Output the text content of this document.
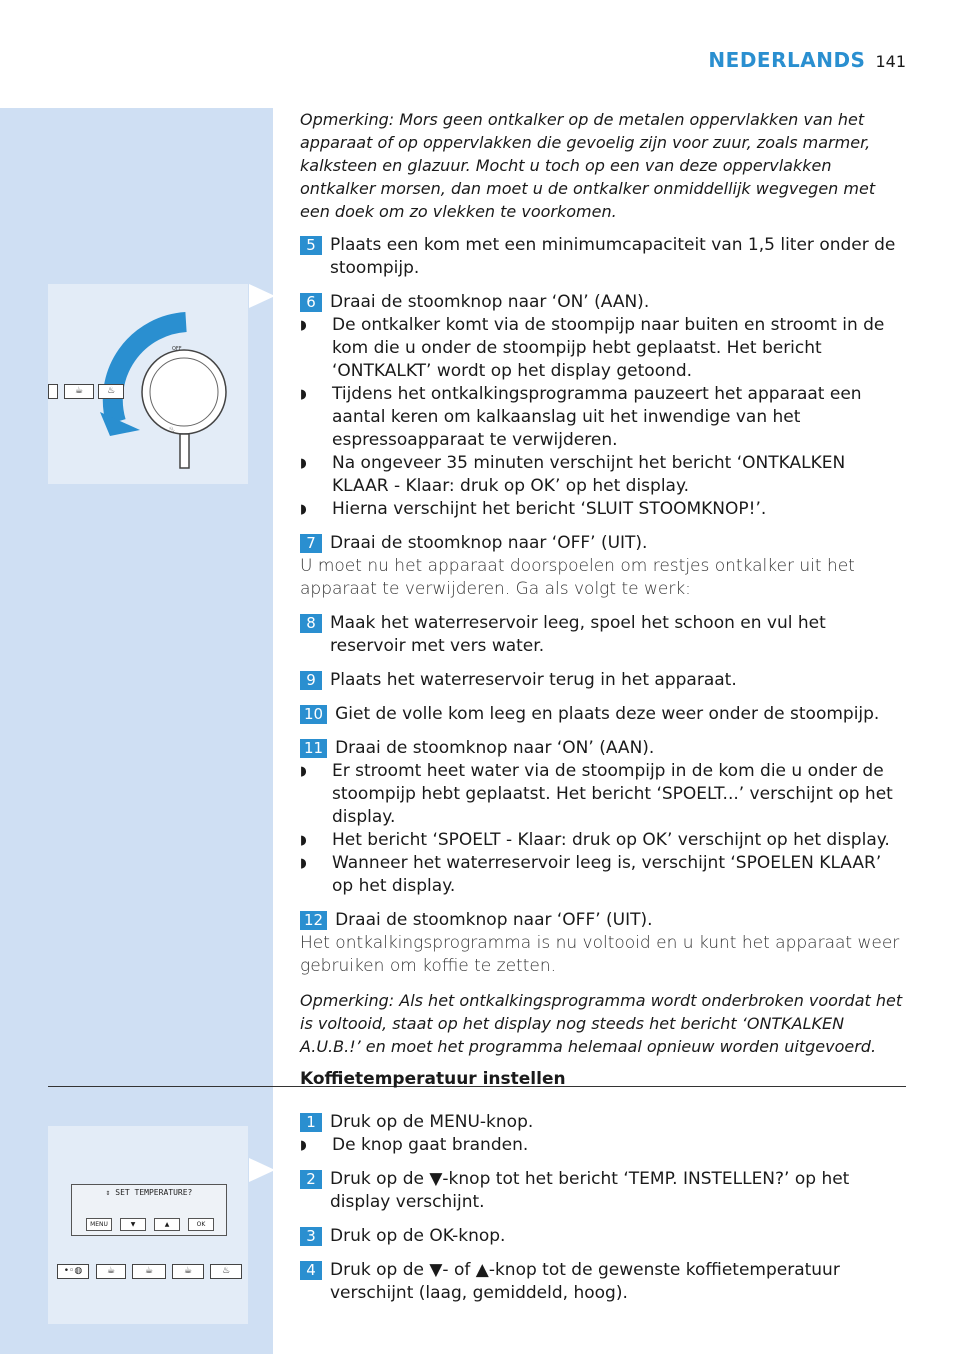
NEDERLANDS 141
OFF
♨
☕	♨
⇕ SET TEMPERATURE?
MENU	▼	▲	OK
•◦◍	☕	☕	☕	♨

Opmerking: Mors geen ontkalker op de metalen oppervlakken van het apparaat of op oppervlakken die gevoelig zijn voor zuur, zoals marmer, kalksteen en glazuur. Mocht u toch op een van deze oppervlakken ontkalker morsen, dan moet u de ontkalker onmiddellijk wegvegen met een doek om zo vlekken te voorkomen.

5 Plaats een kom met een minimumcapaciteit van 1,5 liter onder de stoompijp.
6 Draai de stoomknop naar ‘ON’ (AAN).
◗	De ontkalker komt via de stoompijp naar buiten en stroomt in de kom die u onder de stoompijp hebt geplaatst. Het bericht ‘ONTKALKT’ wordt op het display getoond.
◗	Tijdens het ontkalkingsprogramma pauzeert het apparaat een aantal keren om kalkaanslag uit het inwendige van het espressoapparaat te verwijderen.
◗	Na ongeveer 35 minuten verschijnt het bericht ‘ONTKALKEN KLAAR - Klaar: druk op OK’ op het display.
◗	Hierna verschijnt het bericht ‘SLUIT STOOMKNOP!’.
7 Draai de stoomknop naar ‘OFF’ (UIT).
U moet nu het apparaat doorspoelen om restjes ontkalker uit het apparaat te verwijderen. Ga als volgt te werk:
8 Maak het waterreservoir leeg, spoel het schoon en vul het reservoir met vers water.
9 Plaats het waterreservoir terug in het apparaat.
10 Giet de volle kom leeg en plaats deze weer onder de stoompijp.
11 Draai de stoomknop naar ‘ON’ (AAN).
◗	Er stroomt heet water via de stoompijp in de kom die u onder de stoompijp hebt geplaatst. Het bericht ‘SPOELT...’ verschijnt op het display.
◗	Het bericht ‘SPOELT - Klaar: druk op OK’ verschijnt op het display.
◗	Wanneer het waterreservoir leeg is, verschijnt ‘SPOELEN KLAAR’ op het display.
12 Draai de stoomknop naar ‘OFF’ (UIT).
Het ontkalkingsprogramma is nu voltooid en u kunt het apparaat weer gebruiken om koffie te zetten.

Opmerking: Als het ontkalkingsprogramma wordt onderbroken voordat het is voltooid, staat op het display nog steeds het bericht ‘ONTKALKEN A.U.B.!’ en moet het programma helemaal opnieuw worden uitgevoerd.

Koffietemperatuur instellen
1 Druk op de MENU-knop.
◗	De knop gaat branden.
2 Druk op de ▼-knop tot het bericht ‘TEMP. INSTELLEN?’ op het display verschijnt.
3 Druk op de OK-knop.
4 Druk op de ▼- of ▲-knop tot de gewenste koffietemperatuur verschijnt (laag, gemiddeld, hoog).
